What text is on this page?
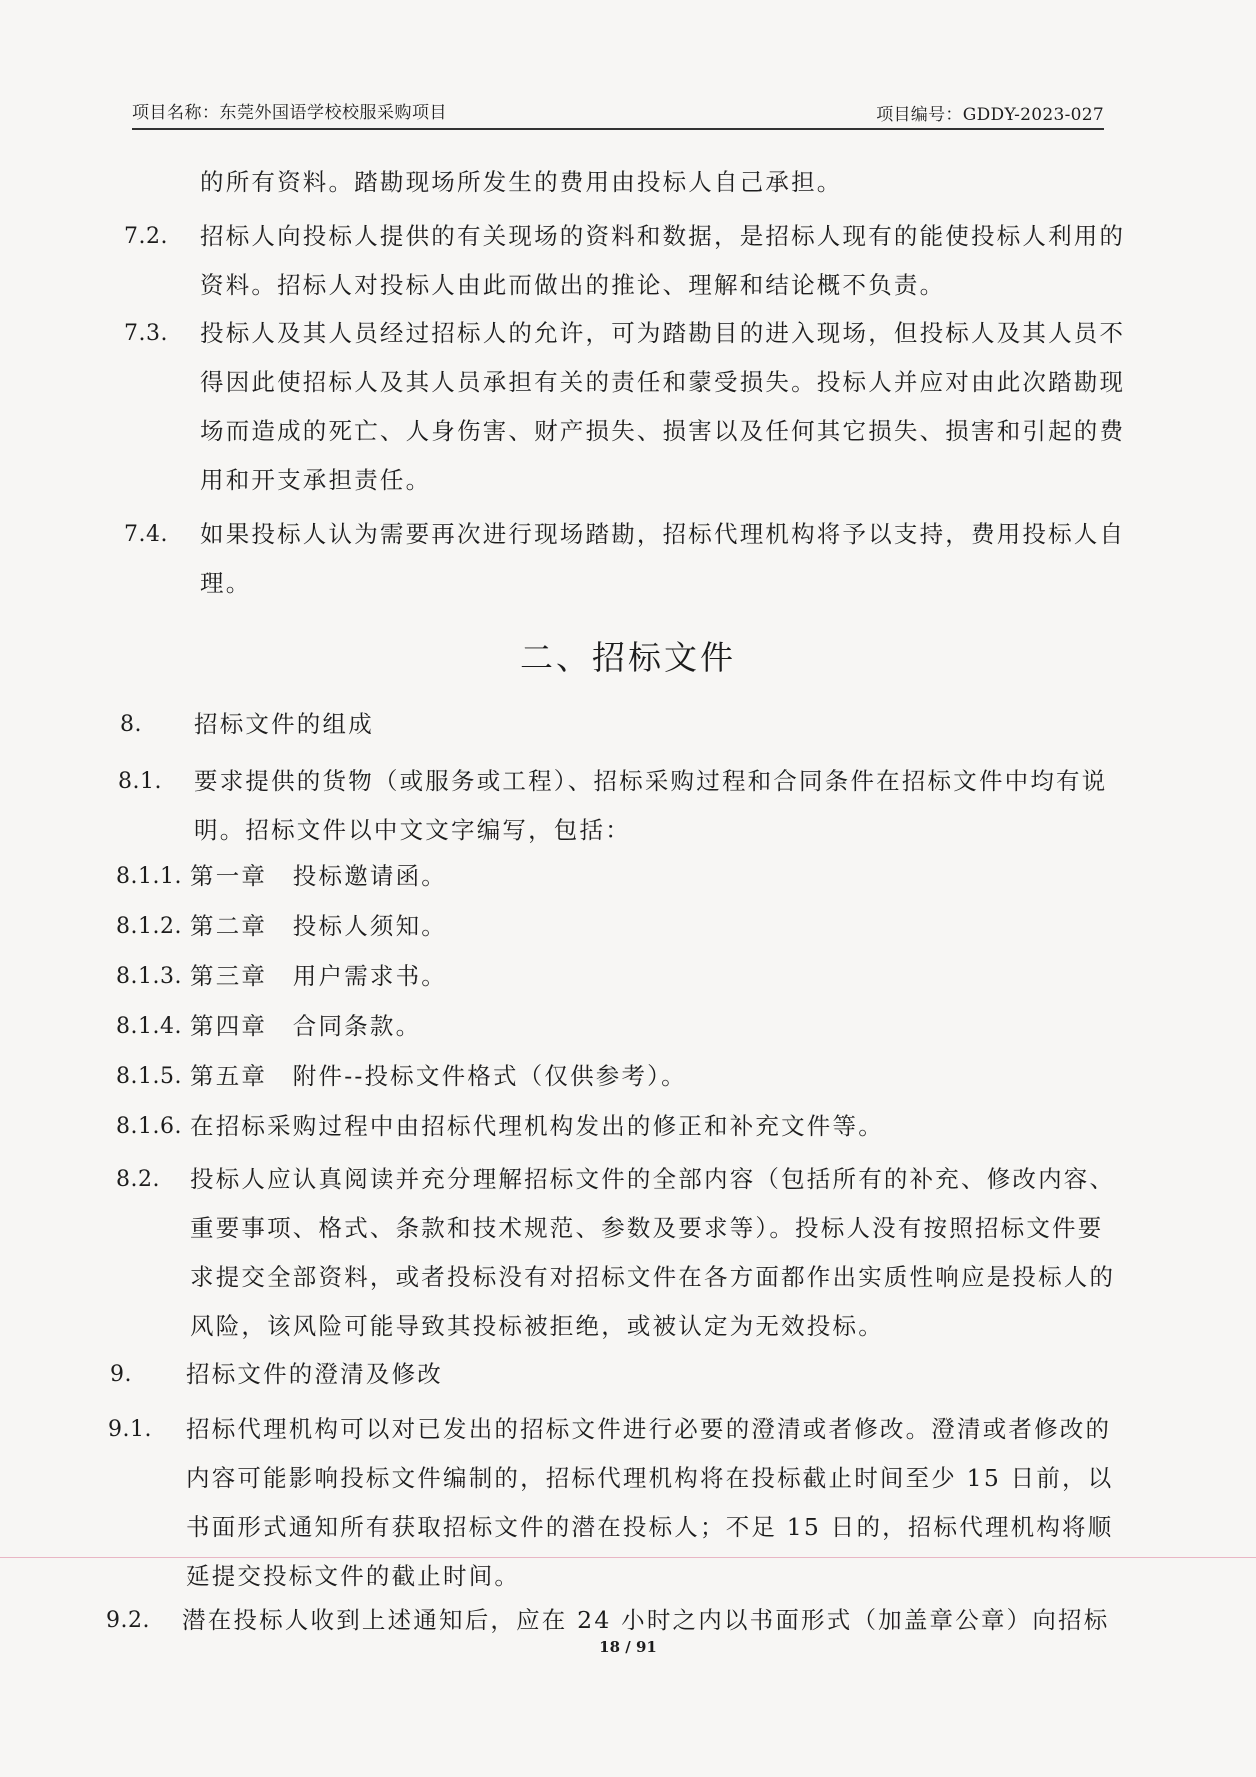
项目名称：东莞外国语学校校服采购项目	项目编号：GDDY-2023-027

的所有资料。踏勘现场所发生的费用由投标人自己承担。

7.2. 招标人向投标人提供的有关现场的资料和数据，是招标人现有的能使投标人利用的
资料。招标人对投标人由此而做出的推论、理解和结论概不负责。

7.3. 投标人及其人员经过招标人的允许，可为踏勘目的进入现场，但投标人及其人员不
得因此使招标人及其人员承担有关的责任和蒙受损失。投标人并应对由此次踏勘现
场而造成的死亡、人身伤害、财产损失、损害以及任何其它损失、损害和引起的费
用和开支承担责任。

7.4. 如果投标人认为需要再次进行现场踏勘，招标代理机构将予以支持，费用投标人自
理。

二、招标文件
8. 招标文件的组成

8.1. 要求提供的货物（或服务或工程）、招标采购过程和合同条件在招标文件中均有说
明。招标文件以中文文字编写，包括：

8.1.1. 第一章　投标邀请函。

8.1.2. 第二章　投标人须知。

8.1.3. 第三章　用户需求书。

8.1.4. 第四章　合同条款。

8.1.5. 第五章　附件--投标文件格式（仅供参考）。

8.1.6. 在招标采购过程中由招标代理机构发出的修正和补充文件等。

8.2. 投标人应认真阅读并充分理解招标文件的全部内容（包括所有的补充、修改内容、
重要事项、格式、条款和技术规范、参数及要求等）。投标人没有按照招标文件要
求提交全部资料，或者投标没有对招标文件在各方面都作出实质性响应是投标人的
风险，该风险可能导致其投标被拒绝，或被认定为无效投标。

9. 招标文件的澄清及修改

9.1. 招标代理机构可以对已发出的招标文件进行必要的澄清或者修改。澄清或者修改的
内容可能影响投标文件编制的，招标代理机构将在投标截止时间至少 15 日前，以
书面形式通知所有获取招标文件的潜在投标人；不足 15 日的，招标代理机构将顺
延提交投标文件的截止时间。

9.2. 潜在投标人收到上述通知后，应在 24 小时之内以书面形式（加盖章公章）向招标

18 / 91
